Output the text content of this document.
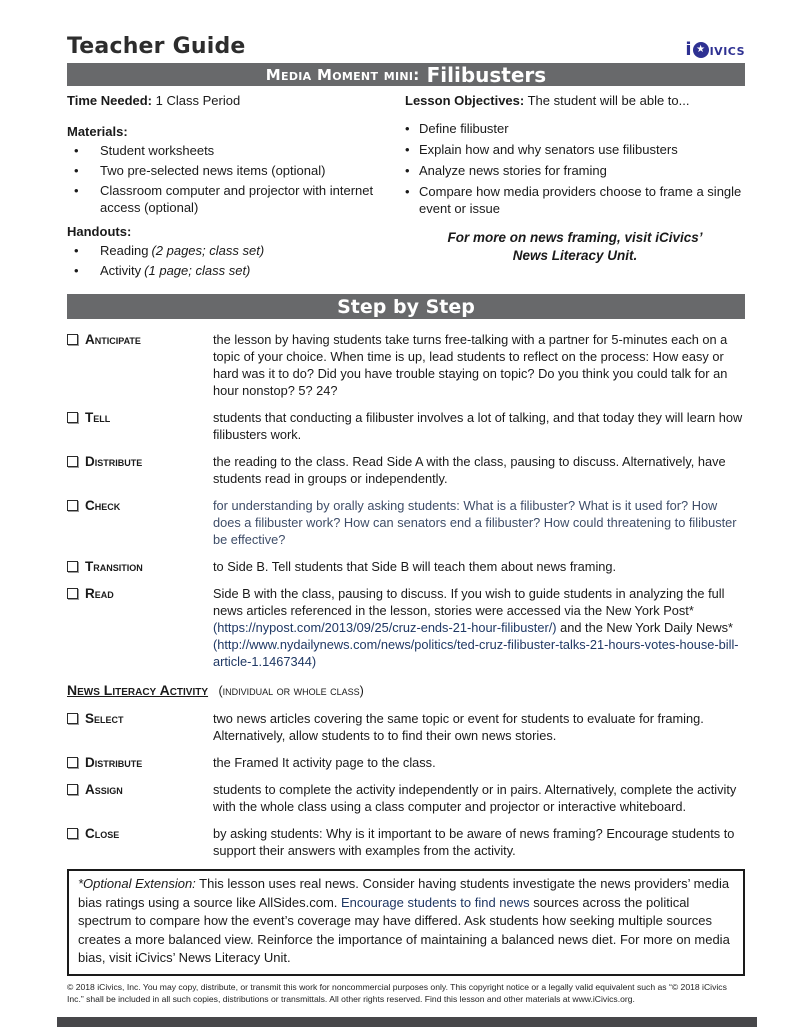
Teacher Guide	i ★ ivics
Media Moment mini: Filibusters
Time Needed: 1 Class Period	Lesson Objectives: The student will be able to...
Materials:
• Student worksheets
• Two pre-selected news items (optional)
• Classroom computer and projector with internet access (optional)
Handouts:
• Reading (2 pages; class set)
• Activity (1 page; class set)
• Define filibuster
• Explain how and why senators use filibusters
• Analyze news stories for framing
• Compare how media providers choose to frame a single event or issue
For more on news framing, visit iCivics’
News Literacy Unit.
Step by Step
Anticipate	the lesson by having students take turns free-talking with a partner for 5-minutes each on a topic of your choice. When time is up, lead students to reflect on the process: How easy or hard was it to do? Did you have trouble staying on topic? Do you think you could talk for an hour nonstop? 5? 24?
Tell	students that conducting a filibuster involves a lot of talking, and that today they will learn how filibusters work.
Distribute	the reading to the class. Read Side A with the class, pausing to discuss. Alternatively, have students read in groups or independently.
Check	for understanding by orally asking students: What is a filibuster? What is it used for? How does a filibuster work? How can senators end a filibuster? How could threatening to filibuster be effective?
Transition	to Side B. Tell students that Side B will teach them about news framing.
Read	Side B with the class, pausing to discuss. If you wish to guide students in analyzing the full news articles referenced in the lesson, stories were accessed via the New York Post* (https://nypost.com/2013/09/25/cruz-ends-21-hour-filibuster/) and the New York Daily News* (http://www.nydailynews.com/news/politics/ted-cruz-filibuster-talks-21-hours-votes-house-bill-article-1.1467344)
News Literacy Activity (individual or whole class)
Select	two news articles covering the same topic or event for students to evaluate for framing. Alternatively, allow students to to find their own news stories.
Distribute	the Framed It activity page to the class.
Assign	students to complete the activity independently or in pairs. Alternatively, complete the activity with the whole class using a class computer and projector or interactive whiteboard.
Close	by asking students: Why is it important to be aware of news framing? Encourage students to support their answers with examples from the activity.
*Optional Extension: This lesson uses real news. Consider having students investigate the news providers’ media bias ratings using a source like AllSides.com. Encourage students to find news sources across the political spectrum to compare how the event’s coverage may have differed. Ask students how seeking multiple sources creates a more balanced view. Reinforce the importance of maintaining a balanced news diet. For more on media bias, visit iCivics’ News Literacy Unit.
© 2018 iCivics, Inc. You may copy, distribute, or transmit this work for noncommercial purposes only. This copyright notice or a legally valid equivalent such as “© 2018 iCivics Inc.” shall be included in all such copies, distributions or transmittals. All other rights reserved. Find this lesson and other materials at www.iCivics.org.
